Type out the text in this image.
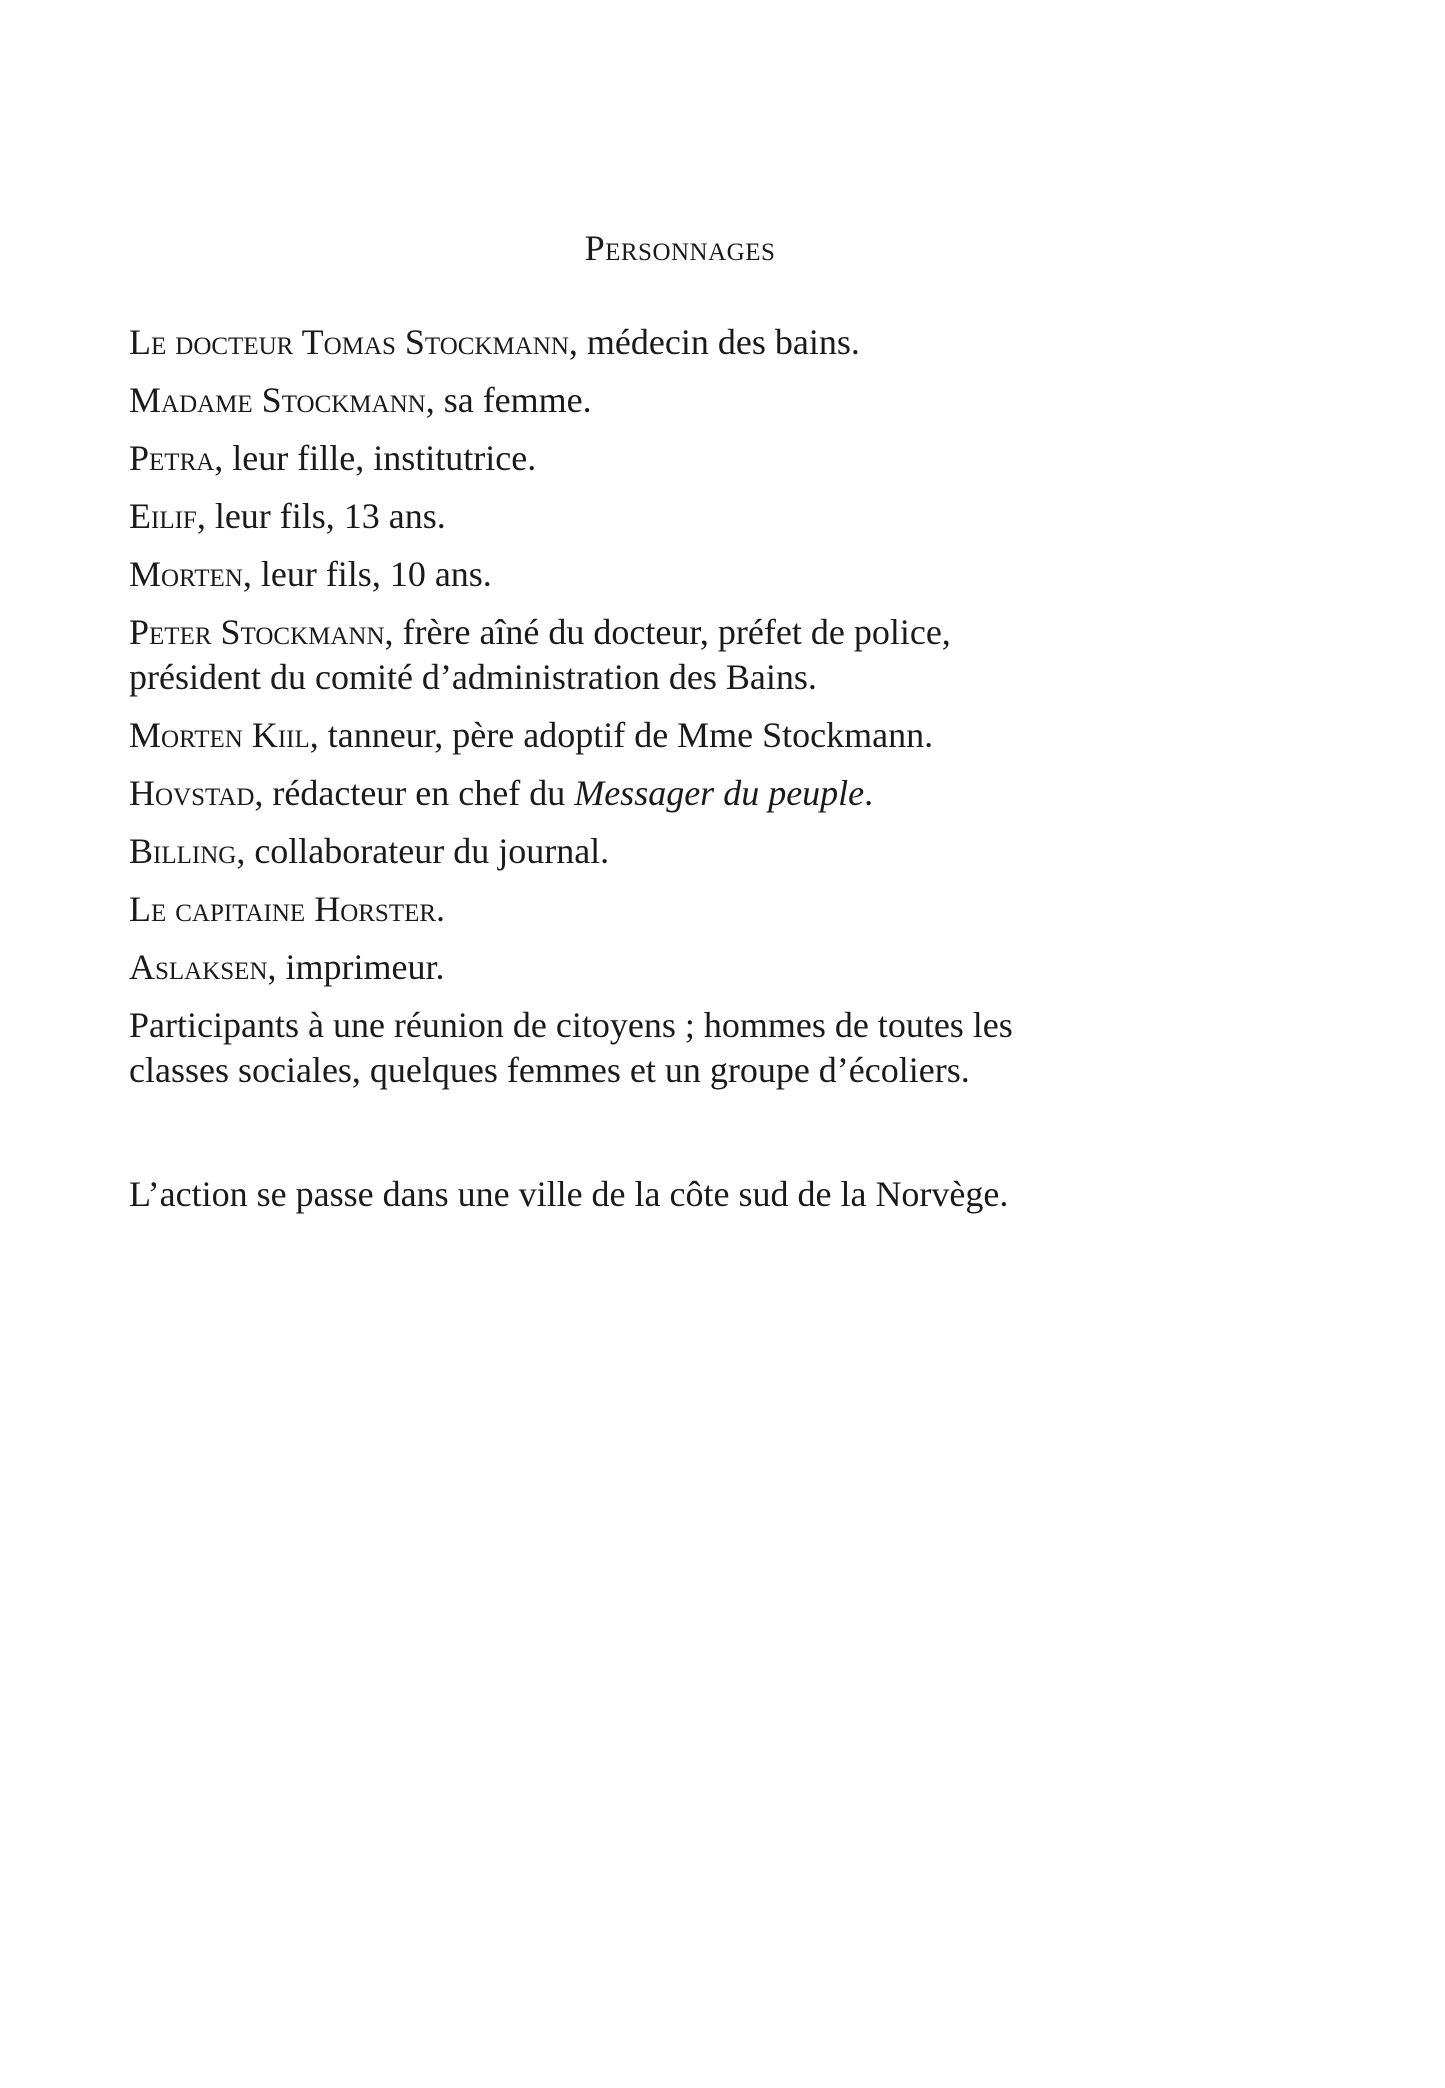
Personnages
Le docteur Tomas Stockmann, médecin des bains.
Madame Stockmann, sa femme.
Petra, leur fille, institutrice.
Eilif, leur fils, 13 ans.
Morten, leur fils, 10 ans.
Peter Stockmann, frère aîné du docteur, préfet de police,
président du comité d’administration des Bains.
Morten Kiil, tanneur, père adoptif de Mme Stockmann.
Hovstad, rédacteur en chef du Messager du peuple.
Billing, collaborateur du journal.
Le capitaine Horster.
Aslaksen, imprimeur.
Participants à une réunion de citoyens ; hommes de toutes les
classes sociales, quelques femmes et un groupe d’écoliers.
L’action se passe dans une ville de la côte sud de la Norvège.
